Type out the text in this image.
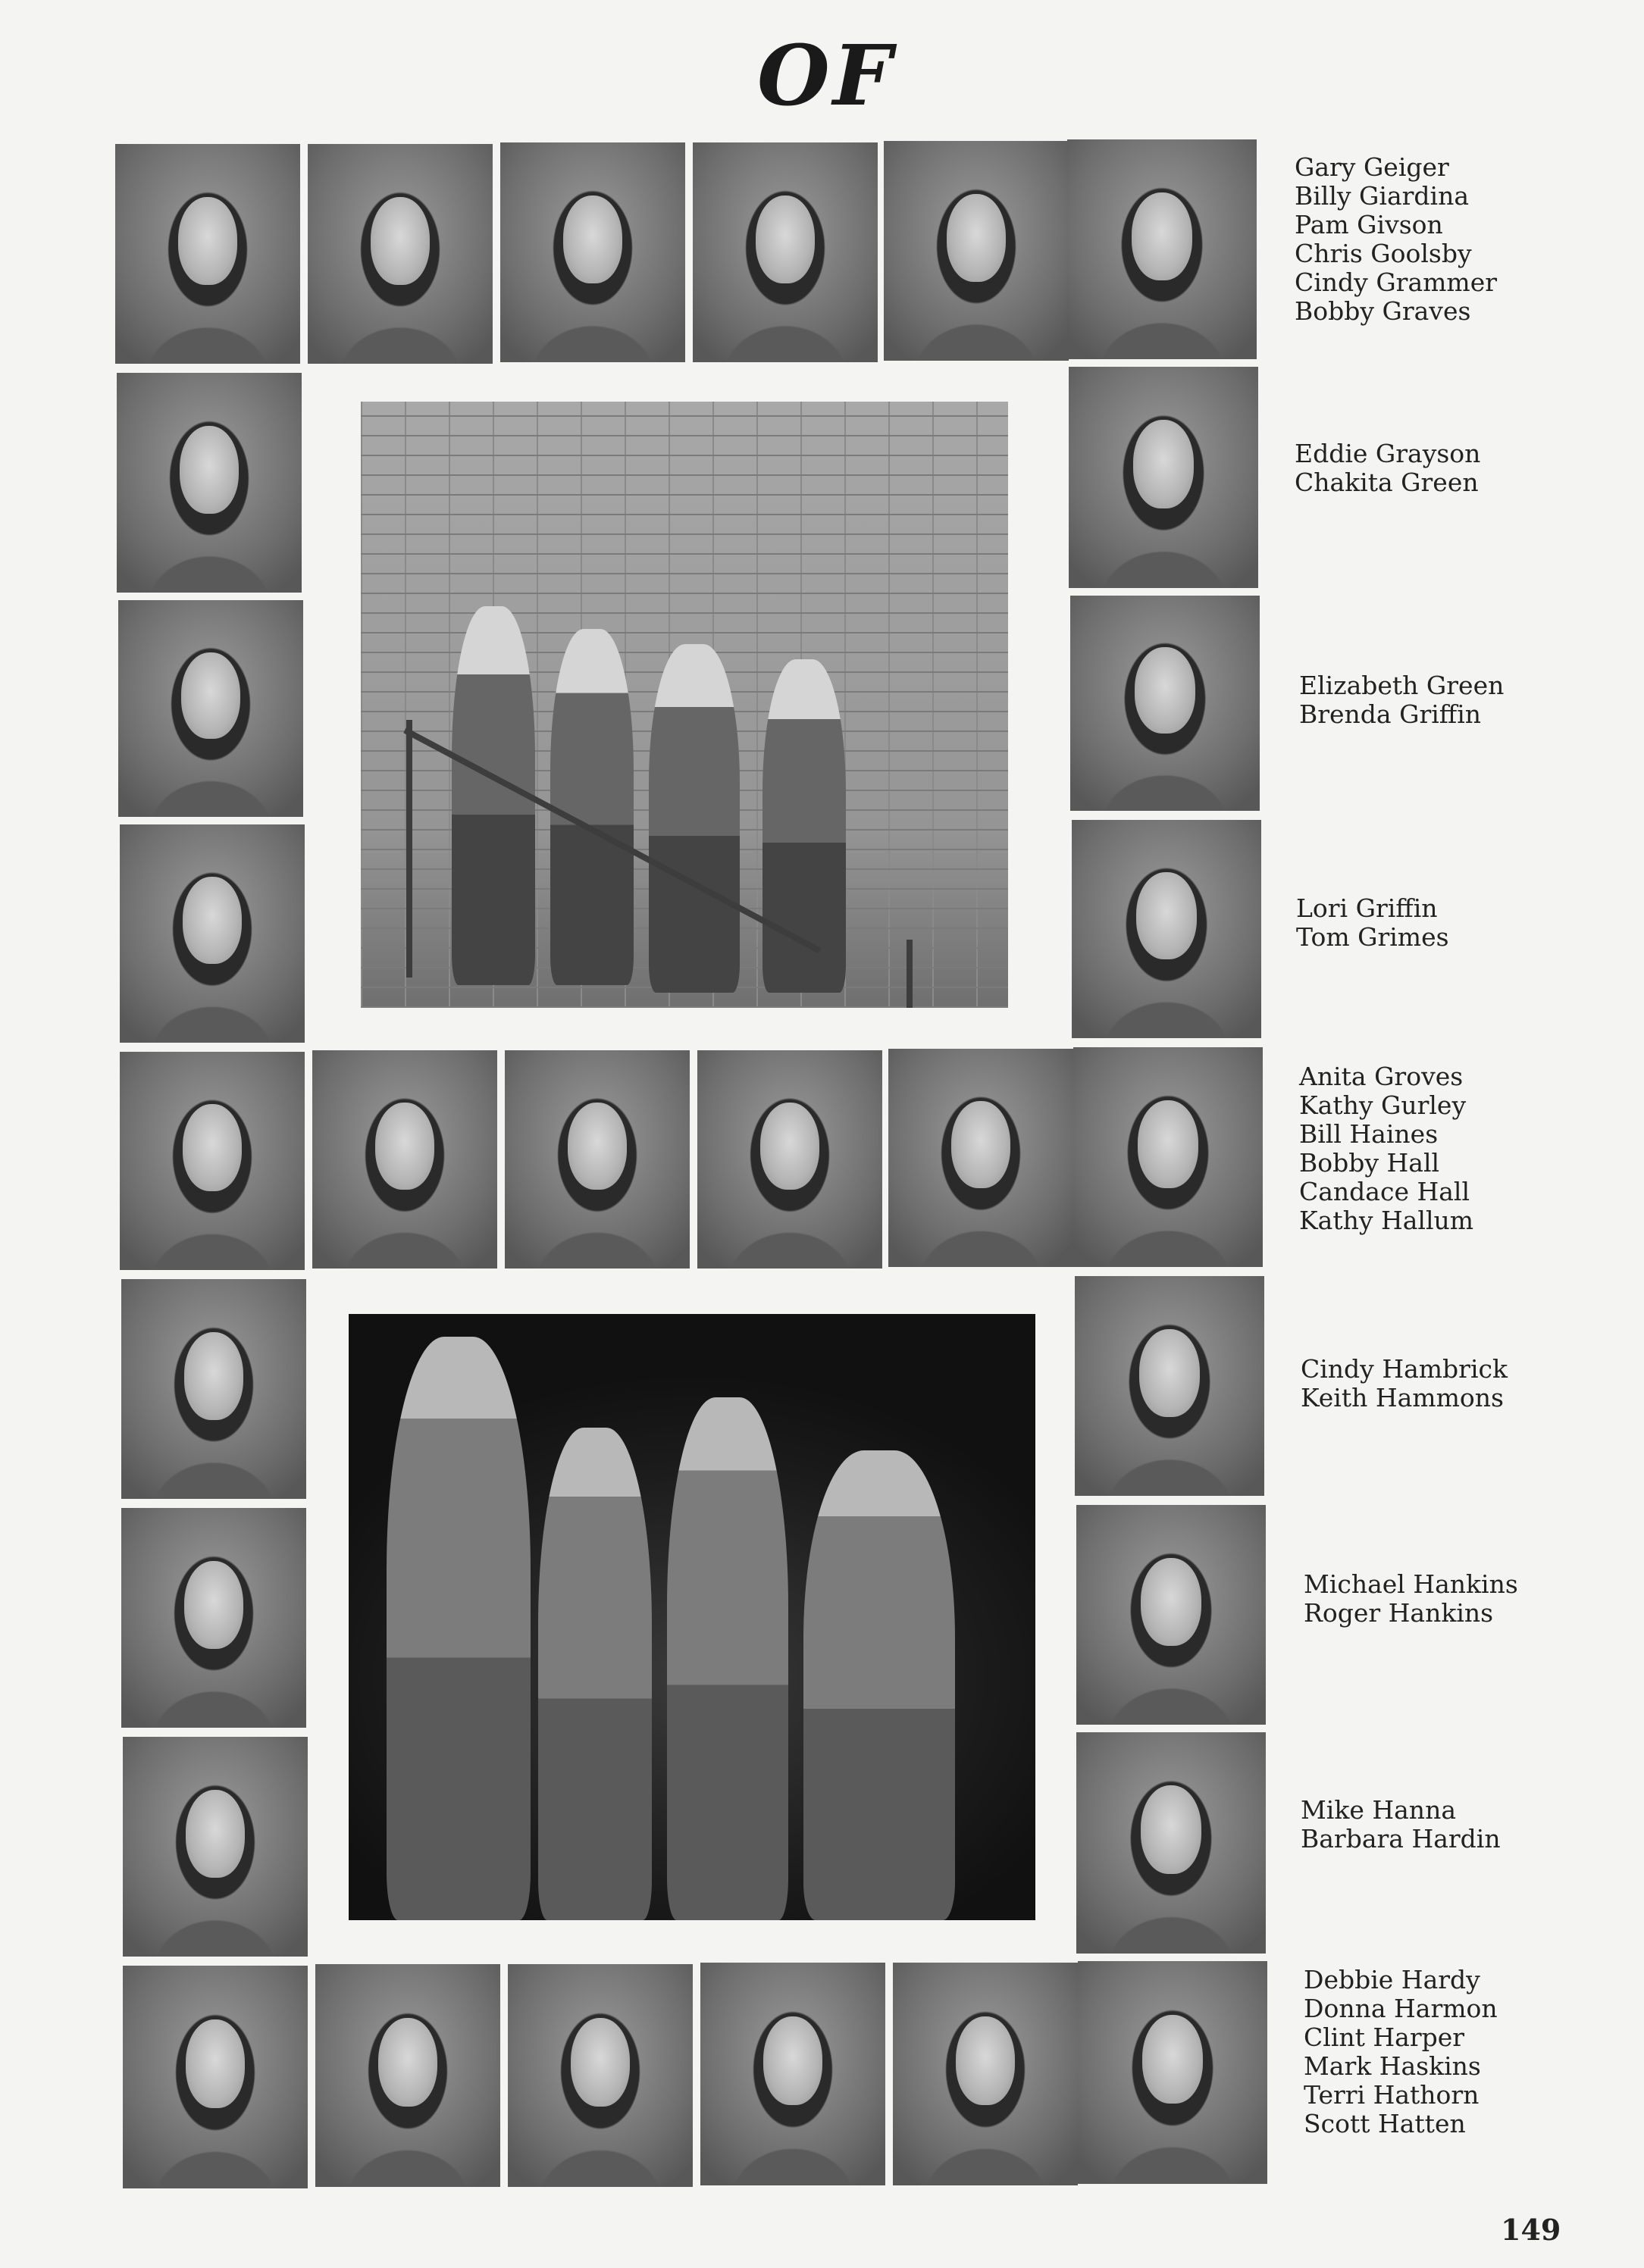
OF
Gary Geiger
Billy Giardina
Pam Givson
Chris Goolsby
Cindy Grammer
Bobby Graves
Eddie Grayson
Chakita Green
Elizabeth Green
Brenda Griffin
Lori Griffin
Tom Grimes
Anita Groves
Kathy Gurley
Bill Haines
Bobby Hall
Candace Hall
Kathy Hallum
Cindy Hambrick
Keith Hammons
Michael Hankins
Roger Hankins
Mike Hanna
Barbara Hardin
Debbie Hardy
Donna Harmon
Clint Harper
Mark Haskins
Terri Hathorn
Scott Hatten
149
